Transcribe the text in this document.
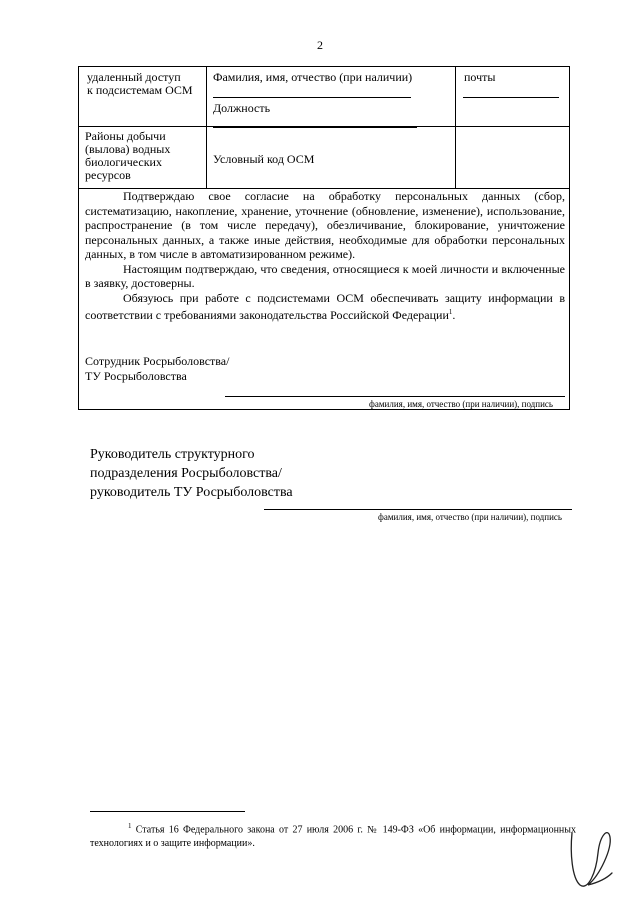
2
удаленный доступ
к подсистемам ОСМ
Фамилия, имя, отчество (при наличии)
Должность
почты
Районы добычи
(вылова) водных
биологических
ресурсов
Условный код ОСМ

Подтверждаю свое согласие на обработку персональных данных (сбор, систематизацию, накопление, хранение, уточнение (обновление, изменение), использование, распространение (в том числе передачу), обезличивание, блокирование, уничтожение персональных данных, а также иные действия, необходимые для обработки персональных данных, в том числе в автоматизированном режиме).

Настоящим подтверждаю, что сведения, относящиеся к моей личности и включенные в заявку, достоверны.

Обязуюсь при работе с подсистемами ОСМ обеспечивать защиту информации в соответствии с требованиями законодательства Российской Федерации$^1$.

Сотрудник Росрыболовства/
ТУ Росрыболовства
фамилия, имя, отчество (при наличии), подпись
Руководитель структурного
подразделения Росрыболовства/
руководитель ТУ Росрыболовства
фамилия, имя, отчество (при наличии), подпись

$^1$ Статья 16 Федерального закона от 27 июля 2006 г. № 149-ФЗ «Об информации, информационных технологиях и о защите информации».
